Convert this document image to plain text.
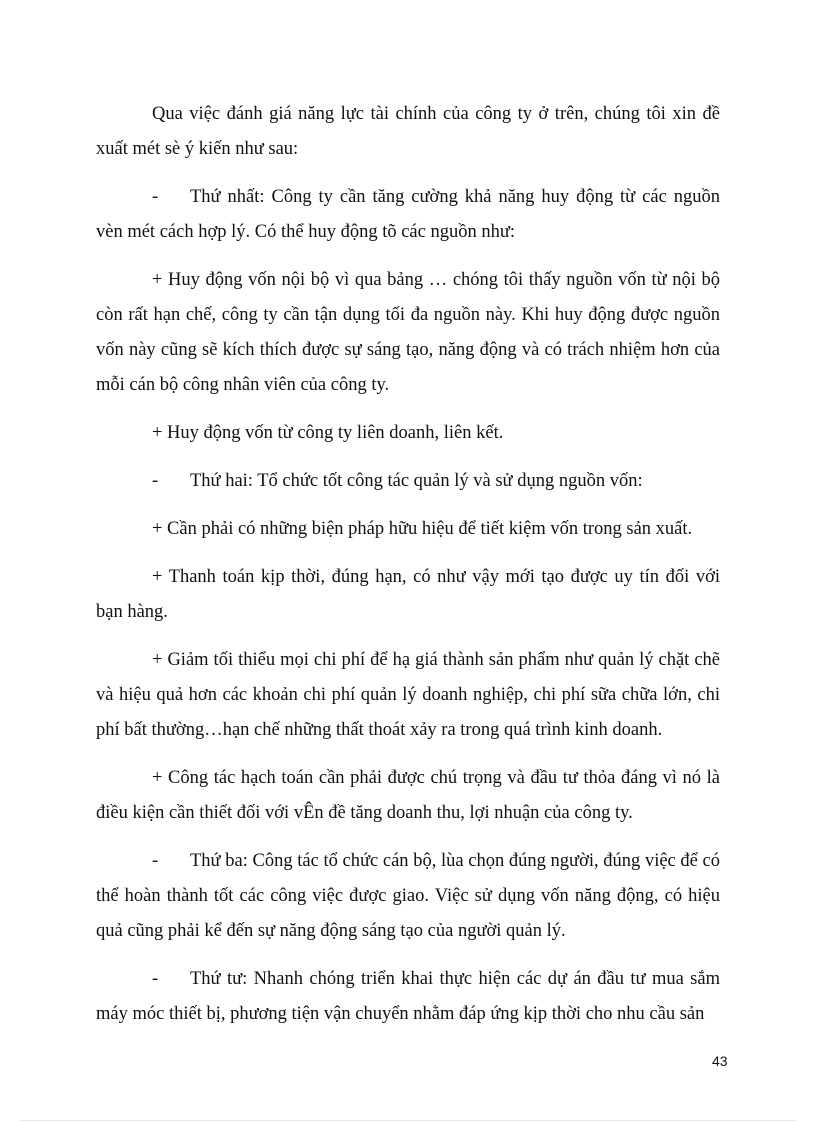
Qua việc đánh giá năng lực tài chính của công ty ở trên, chúng tôi xin đề xuất mét sè ý kiến như sau:

- Thứ nhất: Công ty cần tăng cường khả năng huy động từ các nguồn vèn mét cách hợp lý. Có thể huy động tõ các nguồn như:

+ Huy động vốn nội bộ vì qua bảng … chóng tôi thấy nguồn vốn từ nội bộ còn rất hạn chế, công ty cần tận dụng tối đa nguồn này. Khi huy động được nguồn vốn này cũng sẽ kích thích được sự sáng tạo, năng động và có trách nhiệm hơn của mỗi cán bộ công nhân viên của công ty.

+ Huy động vốn từ công ty liên doanh, liên kết.

- Thứ hai: Tổ chức tốt công tác quản lý và sử dụng nguồn vốn:

+ Cần phải có những biện pháp hữu hiệu để tiết kiệm vốn trong sản xuất.

+ Thanh toán kịp thời, đúng hạn, có như vậy mới tạo được uy tín đối với bạn hàng.

+ Giảm tối thiểu mọi chi phí để hạ giá thành sản phẩm như quản lý chặt chẽ và hiệu quả hơn các khoản chi phí quản lý doanh nghiệp, chi phí sữa chữa lớn, chi phí bất thường…hạn chế những thất thoát xảy ra trong quá trình kinh doanh.

+ Công tác hạch toán cần phải được chú trọng và đầu tư thỏa đáng vì nó là điều kiện cần thiết đối với vÊn đề tăng doanh thu, lợi nhuận của công ty.

- Thứ ba: Công tác tổ chức cán bộ, lùa chọn đúng người, đúng việc để có thể hoàn thành tốt các công việc được giao. Việc sử dụng vốn năng động, có hiệu quả cũng phải kể đến sự năng động sáng tạo của người quản lý.

- Thứ tư: Nhanh chóng triển khai thực hiện các dự án đầu tư mua sắm máy móc thiết bị, phương tiện vận chuyển nhằm đáp ứng kịp thời cho nhu cầu sản

43
